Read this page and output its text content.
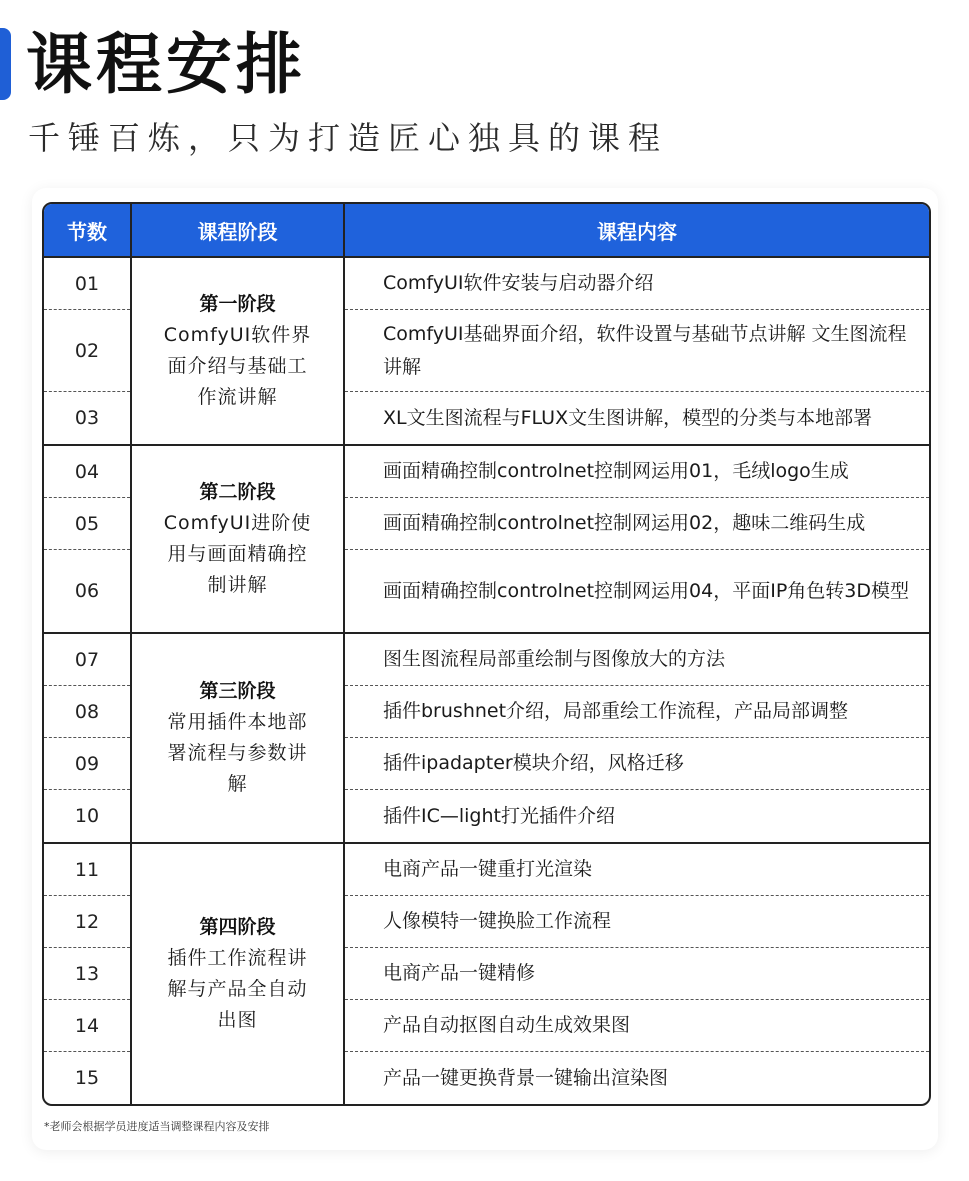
课程安排
千锤百炼，只为打造匠心独具的课程
节数	课程阶段	课程内容
01
02
03
第一阶段
ComfyUI软件界
面介绍与基础工
作流讲解
ComfyUI软件安装与启动器介绍
ComfyUI基础界面介绍，软件设置与基础节点讲解 文生图流程讲解
XL文生图流程与FLUX文生图讲解，模型的分类与本地部署
04
05
06
第二阶段
ComfyUI进阶使
用与画面精确控
制讲解
画面精确控制controlnet控制网运用01，毛绒logo生成
画面精确控制controlnet控制网运用02，趣味二维码生成
画面精确控制controlnet控制网运用04，平面IP角色转3D模型
07
08
09
10
第三阶段
常用插件本地部
署流程与参数讲
解
图生图流程局部重绘制与图像放大的方法
插件brushnet介绍，局部重绘工作流程，产品局部调整
插件ipadapter模块介绍，风格迁移
插件IC—light打光插件介绍
11
12
13
14
15
第四阶段
插件工作流程讲
解与产品全自动
出图
电商产品一键重打光渲染
人像模特一键换脸工作流程
电商产品一键精修
产品自动抠图自动生成效果图
产品一键更换背景一键输出渲染图
*老师会根据学员进度适当调整课程内容及安排
